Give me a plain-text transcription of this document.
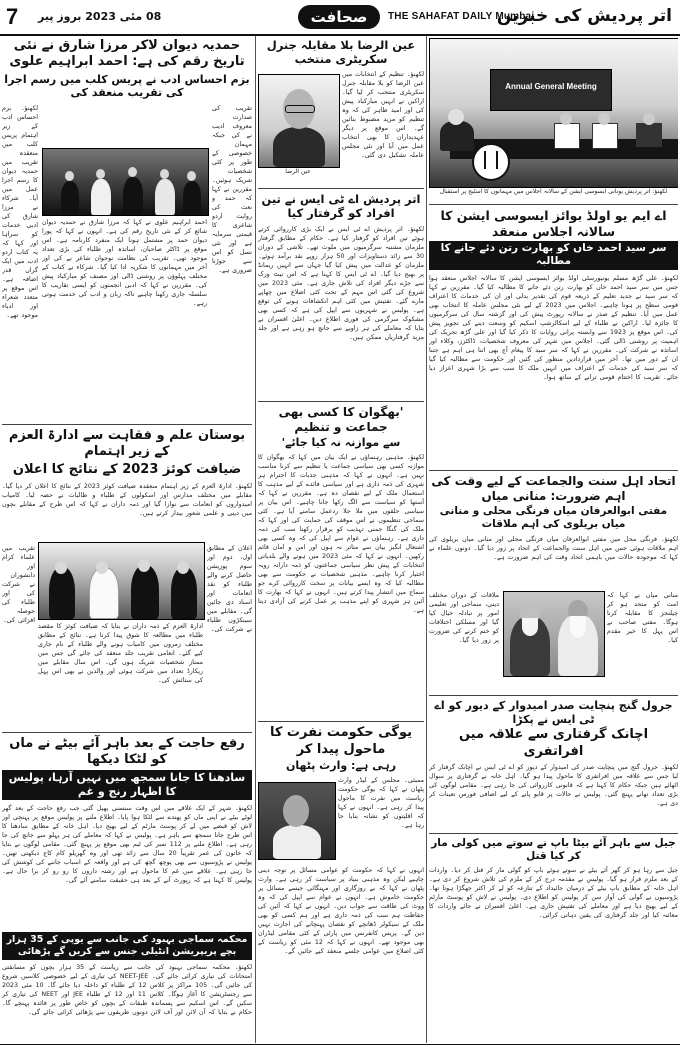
7 08 مئی 2023 بروز پیر	صحافت	THE SAHAFAT DAILY Mumbai
اتر پردیش کی خبریں
حمدیہ دیوان لاکر مرزا شارق نے نئی تاریخ رقم کی ہے: احمد ابراہیم علوی
بزم احساس ادب نے پریس کلب میں رسم اجرا کی تقریب منعقد کی
لکھنؤ۔ بزم احساس ادب کے زیر اہتمام پریس کلب میں منعقدہ تقریب میں حمدیہ دیوان کا رسم اجرا عمل میں آیا۔ شرکاء نے مرزا شارق کی ادبی خدمات کو سراہا اور کہا کہ یہ کتاب اردو ادب میں ایک گراں قدر اضافہ ہے۔ اس موقع پر متعدد شعراء اور ادباء موجود تھے۔
تقریب کی صدارت معروف ادیب نے کی جبکہ مہمان خصوصی کے طور پر کئی شخصیات شریک ہوئیں۔ مقررین نے کہا کہ حمد و نعت کی روایت اردو شاعری کا قیمتی سرمایہ ہے اور نئی نسل کو اس سے جوڑنا ضروری ہے۔
احمد ابراہیم علوی نے کہا کہ مرزا شارق نے حمدیہ دیوان شائع کر کے نئی تاریخ رقم کی ہے۔ انہوں نے کہا کہ پورا دیوان حمد پر مشتمل ہونا ایک منفرد کارنامہ ہے۔ اس موقع پر ڈاکٹر صاحبان، اساتذہ اور طلباء کی بڑی تعداد موجود تھی۔ تقریب کی نظامت نوجوان شاعر نے کی اور آخر میں مہمانوں کا شکریہ ادا کیا گیا۔ شرکاء نے کتاب کے مختلف پہلوؤں پر روشنی ڈالی اور مصنف کو مبارکباد پیش کی۔ مقررین نے کہا کہ ادبی انجمنوں کو ایسی تقاریب کا سلسلہ جاری رکھنا چاہیے تاکہ زبان و ادب کی خدمت ہوتی رہے۔
بوستان علم و فقاہت سے ادارۃ العزم کے زیر اہتمام
ضیافت کوئز 2023 کے نتائج کا اعلان
لکھنؤ۔ ادارۃ العزم کے زیر اہتمام منعقدہ ضیافت کوئز 2023 کے نتائج کا اعلان کر دیا گیا۔ مقابلے میں مختلف مدارس اور اسکولوں کے طلباء و طالبات نے حصہ لیا۔ کامیاب امیدواروں کو انعامات سے نوازا گیا اور ذمہ داران نے کہا کہ اس طرح کے مقابلے بچوں میں دینی و علمی شعور بیدار کرتے ہیں۔
اعلان کے مطابق اول، دوم اور سوم پوزیشن حاصل کرنے والے طلباء کو نقد انعامات اور اسناد دی جائیں گی۔ مقابلے میں سینکڑوں طلباء نے شرکت کی۔
تقریب میں علماء کرام اور دانشوران نے شرکت کی اور طلباء کی حوصلہ افزائی کی۔
ادارۃ العزم کے ذمہ داران نے بتایا کہ ضیافت کوئز کا مقصد طلباء میں مطالعہ کا شوق پیدا کرنا ہے۔ نتائج کے مطابق مختلف زمروں میں کامیاب ہونے والے طلباء کے نام جاری کیے گئے۔ انعامی تقریب جلد منعقد کی جائے گی جس میں ممتاز شخصیات شریک ہوں گی۔ اس سال مقابلے میں ریکارڈ تعداد میں شرکت ہوئی اور والدین نے بھی اس پہل کی ستائش کی۔
رفع حاجت کے بعد باہر آئے بیٹے نے ماں کو لٹکا دیکھا
سادھنا کا جانا سمجھ میں نہیں آرہا، پولیس کا اظہار رنج و غم
لکھنؤ۔ شہر کے ایک علاقے میں اس وقت سنسنی پھیل گئی جب رفع حاجت کے بعد گھر لوٹے بیٹے نے اپنی ماں کو پھندے سے لٹکا ہوا پایا۔ اطلاع ملنے پر پولیس موقع پر پہنچی اور لاش کو قبضے میں لے کر پوسٹ مارٹم کے لیے بھیج دیا۔ اہل خانہ کے مطابق سادھنا کا اس طرح جانا سمجھ سے باہر ہے۔ پولیس نے کہا کہ معاملے کی ہر پہلو سے جانچ کی جا رہی ہے۔ اطلاع ملنے پر 112 نمبر کی ٹیم بھی موقع پر پہنچ گئی۔ مقامی لوگوں نے بتایا کہ خاتون کی عمر تقریباً 20 سال سے زائد تھی اور وہ گھریلو کام کاج دیکھتی تھیں۔ پولیس نے پڑوسیوں سے بھی پوچھ گچھ کی ہے اور واقعہ کے اسباب جاننے کی کوشش کی جا رہی ہے۔ علاقے میں غم کا ماحول ہے اور رشتہ داروں کا رو رو کر برا حال ہے۔ پولیس کا کہنا ہے کہ رپورٹ آنے کے بعد ہی حقیقت سامنے آئے گی۔
محکمہ سماجی بہبود کی جانب سے یوپی کے 35 ہزار بچے پریپریشن انٹیلی جنس سے کریں گے پڑھائی
لکھنؤ۔ محکمہ سماجی بہبود کی جانب سے ریاست کے 35 ہزار بچوں کو مسابقتی امتحانات کی تیاری کرائی جائے گی۔ NEET-JEE کی تیاری کے لیے خصوصی کلاسیں شروع کی جائیں گی۔ 105 مراکز پر کلاس 12 کے طلباء کو داخلہ دیا جائے گا۔ 10 مئی 2023 سے رجسٹریشن کا آغاز ہوگا۔ کلاس 11 اور 12 کے طلباء JEE اور NEET کی تیاری کر سکیں گے۔ اس اسکیم سے پسماندہ طبقات کے بچوں کو خاص طور پر فائدہ پہنچے گا۔ حکام نے بتایا کہ آن لائن اور آف لائن دونوں طریقوں سے پڑھائی کرائی جائے گی۔
عین الرضا بلا مقابلہ جنرل سکریٹری منتخب
لکھنؤ۔ تنظیم کے انتخابات میں عین الرضا کو بلا مقابلہ جنرل سکریٹری منتخب کر لیا گیا۔ اراکین نے انہیں مبارکباد پیش کی اور امید ظاہر کی کہ وہ تنظیم کو مزید مضبوط بنائیں گے۔ اس موقع پر دیگر عہدیداران کا بھی انتخاب عمل میں آیا اور نئی مجلس عاملہ تشکیل دی گئی۔
عین الرضا
اتر پردیش اے ٹی ایس نے تین افراد کو گرفتار کیا
لکھنؤ۔ اتر پردیش اے ٹی ایس نے ایک بڑی کارروائی کرتے ہوئے تین افراد کو گرفتار کیا ہے۔ حکام کے مطابق گرفتار ملزمان مشتبہ سرگرمیوں میں ملوث تھے۔ تلاشی کے دوران 30 سے زائد دستاویزات اور 50 ہزار روپے نقد برآمد ہوئے۔ ملزمان کو عدالت میں پیش کیا گیا جہاں سے انہیں ریمانڈ پر بھیج دیا گیا۔ اے ٹی ایس کا کہنا ہے کہ اس نیٹ ورک سے جڑے دیگر افراد کی تلاش جاری ہے۔ مئی 2023 میں شروع کی گئی اس مہم کے تحت کئی اضلاع میں چھاپے مارے گئے۔ تفتیش میں کئی اہم انکشافات ہونے کی توقع ہے۔ پولیس نے شہریوں سے اپیل کی ہے کہ کسی بھی مشکوک سرگرمی کی فوری اطلاع دیں۔ اعلیٰ افسران نے بتایا کہ معاملے کی ہر زاویے سے جانچ ہو رہی ہے اور جلد مزید گرفتاریاں ممکن ہیں۔
'بھگوان کا کسی بھی جماعت و تنظیم
سے موازنہ نہ کیا جائے'
لکھنؤ۔ مذہبی رہنماؤں نے ایک بیان میں کہا کہ بھگوان کا موازنہ کسی بھی سیاسی جماعت یا تنظیم سے کرنا مناسب نہیں ہے۔ انہوں نے کہا کہ مذہبی جذبات کا احترام ہر شہری کی ذمہ داری ہے اور سیاسی فائدے کے لیے مذہب کا استعمال ملک کے لیے نقصان دہ ہے۔ مقررین نے کہا کہ آستھا کو سیاست سے الگ رکھا جانا چاہیے۔ اس بیان پر سیاسی حلقوں میں ملا جلا ردعمل سامنے آیا ہے۔ کئی سماجی تنظیموں نے اس موقف کی حمایت کی اور کہا کہ ملک کی گنگا جمنی تہذیب کو برقرار رکھنا سب کی ذمہ داری ہے۔ رہنماؤں نے عوام سے اپیل کی کہ وہ کسی بھی اشتعال انگیز بیان سے متاثر نہ ہوں اور امن و امان قائم رکھیں۔ انہوں نے کہا کہ مئی 2023 میں ہونے والے بلدیاتی انتخابات کے پیش نظر سیاسی جماعتوں کو ذمہ دارانہ رویہ اختیار کرنا چاہیے۔ مذہبی شخصیات نے حکومت سے بھی مطالبہ کیا کہ وہ ایسے بیانات پر سخت کارروائی کرے جو سماج میں انتشار پیدا کرتے ہیں۔ انہوں نے کہا کہ بھارت کا آئین ہر شہری کو اپنے مذہب پر عمل کرنے کی آزادی دیتا ہے۔
یوگی حکومت نفرت کا ماحول پیدا کر
رہی ہے: وارث پٹھان
ممبئی۔ مجلس کے لیڈر وارث پٹھان نے کہا کہ یوگی حکومت ریاست میں نفرت کا ماحول پیدا کر رہی ہے۔ انہوں نے کہا کہ اقلیتوں کو نشانہ بنایا جا رہا ہے۔
انہوں نے کہا کہ حکومت کو عوامی مسائل پر توجہ دینی چاہیے لیکن وہ مذہبی بنیاد پر سیاست کر رہی ہے۔ وارث پٹھان نے کہا کہ بے روزگاری اور مہنگائی جیسے مسائل پر حکومت خاموش ہے۔ انہوں نے عوام سے اپیل کی کہ وہ ووٹ کی طاقت سے جواب دیں۔ انہوں نے کہا کہ آئین کی حفاظت ہم سب کی ذمہ داری ہے اور ہم کسی کو بھی ملک کے سیکولر ڈھانچے کو نقصان پہنچانے کی اجازت نہیں دیں گے۔ پریس کانفرنس میں پارٹی کے کئی مقامی لیڈران بھی موجود تھے۔ انہوں نے کہا کہ 12 مئی کو ریاست کے کئی اضلاع میں عوامی جلسے منعقد کیے جائیں گے۔
Annual General Meeting
لکھنؤ: اتر پردیش یونانی ایسوسی ایشن کے سالانہ اجلاس میں مہمانوں کا اسٹیج پر استقبال
اے ایم یو اولڈ بوائز ایسوسی ایشن کا سالانہ اجلاس منعقد
سر سید احمد خاں کو بھارت رتن دئے جانے کا مطالبہ
لکھنؤ۔ علی گڑھ مسلم یونیورسٹی اولڈ بوائز ایسوسی ایشن کا سالانہ اجلاس منعقد ہوا جس میں سر سید احمد خاں کو بھارت رتن دئے جانے کا مطالبہ کیا گیا۔ مقررین نے کہا کہ سر سید نے جدید تعلیم کے ذریعہ قوم کی تقدیر بدلی اور ان کی خدمات کا اعتراف قومی سطح پر ہونا چاہیے۔ اجلاس میں 2023 کے لیے نئی مجلس عاملہ کا انتخاب بھی عمل میں آیا۔ تنظیم کے صدر نے سالانہ رپورٹ پیش کی اور گزشتہ سال کی سرگرمیوں کا جائزہ لیا۔ اراکین نے طلباء کے لیے اسکالرشپ اسکیم کو وسعت دینے کی تجویز پیش کی۔ اس موقع پر 1923 سے وابستہ پرانی روایات کا ذکر کیا گیا اور علی گڑھ تحریک کی اہمیت پر روشنی ڈالی گئی۔ اجلاس میں شہر کی معروف شخصیات، ڈاکٹرز، وکلاء اور اساتذہ نے شرکت کی۔ مقررین نے کہا کہ سر سید کا پیغام آج بھی اتنا ہی اہم ہے جتنا ان کے دور میں تھا۔ آخر میں قراردادیں منظور کی گئیں اور حکومت سے مطالبہ کیا گیا کہ سر سید کی خدمات کے اعتراف میں انہیں ملک کا سب سے بڑا شہری اعزاز دیا جائے۔ تقریب کا اختتام قومی ترانے کے ساتھ ہوا۔
اتحاد اہل سنت والجماعت کے لیے وقت کی اہم ضرورت: منانی میاں
مفتی ابوالعرفان میاں فرنگی محلی و منانی میاں بریلوی کی اہم ملاقات
لکھنؤ۔ فرنگی محل میں مفتی ابوالعرفان میاں فرنگی محلی اور منانی میاں بریلوی کی اہم ملاقات ہوئی جس میں اہل سنت والجماعت کے اتحاد پر زور دیا گیا۔ دونوں علماء نے کہا کہ موجودہ حالات میں باہمی اتحاد وقت کی اہم ضرورت ہے۔
ملاقات کے دوران مختلف دینی، سماجی اور تعلیمی امور پر تبادلہ خیال کیا گیا اور مسلکی اختلافات کو ختم کرنے کی ضرورت پر زور دیا گیا۔
منانی میاں نے کہا کہ امت کو متحد ہو کر چیلنجز کا مقابلہ کرنا ہوگا۔ مفتی صاحب نے اس پہل کا خیر مقدم کیا۔
جرول گنج پنچایت صدر امیدوار کے دیور کو اے ٹی ایس نے پکڑا
اچانک گرفتاری سے علاقہ میں افراتفری
لکھنؤ۔ جرول گنج میں پنچایت صدر کی امیدوار کے دیور کو اے ٹی ایس نے اچانک گرفتار کر لیا جس سے علاقہ میں افراتفری کا ماحول پیدا ہو گیا۔ اہل خانہ نے گرفتاری پر سوال اٹھائے ہیں جبکہ حکام کا کہنا ہے کہ قانونی کارروائی کی جا رہی ہے۔ مقامی لوگوں کی بڑی تعداد تھانے پہنچ گئی۔ پولیس نے حالات پر قابو پانے کے لیے اضافی فورس تعینات کر دی ہے۔
جیل سے باہر آئے بیٹا باپ نے سوتے میں کولی مار کر کیا قتل
جیل سے رہا ہو کر گھر آئے بیٹے نے سوتے ہوئے باپ کو گولی مار کر قتل کر دیا۔ واردات کے بعد ملزم فرار ہو گیا۔ پولیس نے مقدمہ درج کر کے ملزم کی تلاش شروع کر دی ہے۔ اہل خانہ کے مطابق باپ بیٹے کے درمیان جائیداد کے تنازعہ کو لے کر اکثر جھگڑا ہوتا تھا۔ پڑوسیوں نے گولی کی آواز سن کر پولیس کو اطلاع دی۔ پولیس نے لاش کو پوسٹ مارٹم کے لیے بھیج دیا ہے اور معاملے کی تفتیش جاری ہے۔ اعلیٰ افسران نے جائے واردات کا معائنہ کیا اور جلد گرفتاری کی یقین دہانی کرائی۔
